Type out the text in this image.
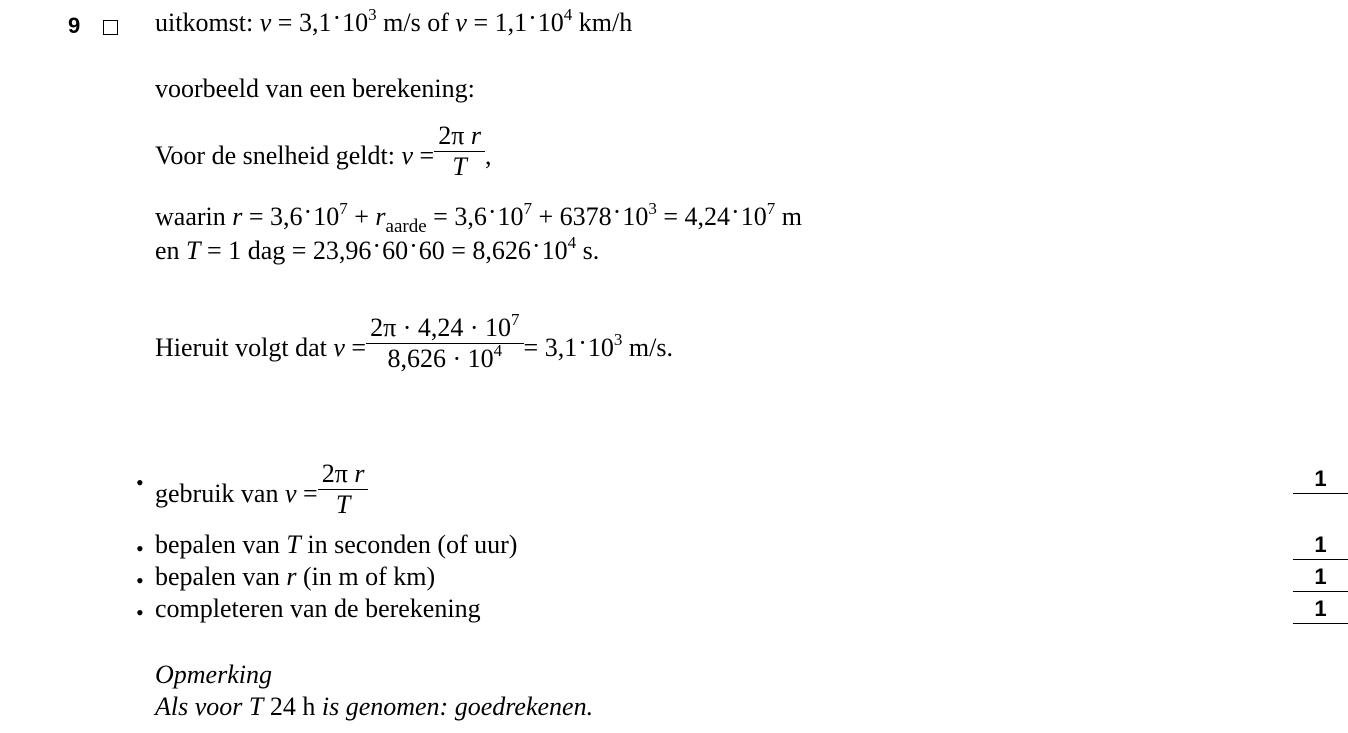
9	uitkomst: $v = 3,1\cdot 10^3$ m/s of $v = 1,1\cdot 10^4$ km/h
voorbeeld van een berekening:
Voor de snelheid geldt: $v = \frac{\text{2π r}}{T}$ ,
waarin $r = 3,6\cdot 10^7 + r_{aarde} = 3,6\cdot 10^7 + 6378\cdot 10^3 = 4,24\cdot 10^7$ m
en T = 1 dag = $23,96\cdot 60\cdot 60 = 8,626\cdot 10^4$ s.
Hieruit volgt dat $v = \frac{2\pi \cdot 4,24 \cdot 10^7}{8,626 \cdot 10^4} = 3,1\cdot 10^3$ m/s.
• gebruik van $v = \frac{\text{2π r}}{T}$	1
• bepalen van T in seconden (of uur)	1
• bepalen van r (in m of km)	1
• completeren van de berekening	1
Opmerking
Als voor T 24 h is genomen: goedrekenen.
